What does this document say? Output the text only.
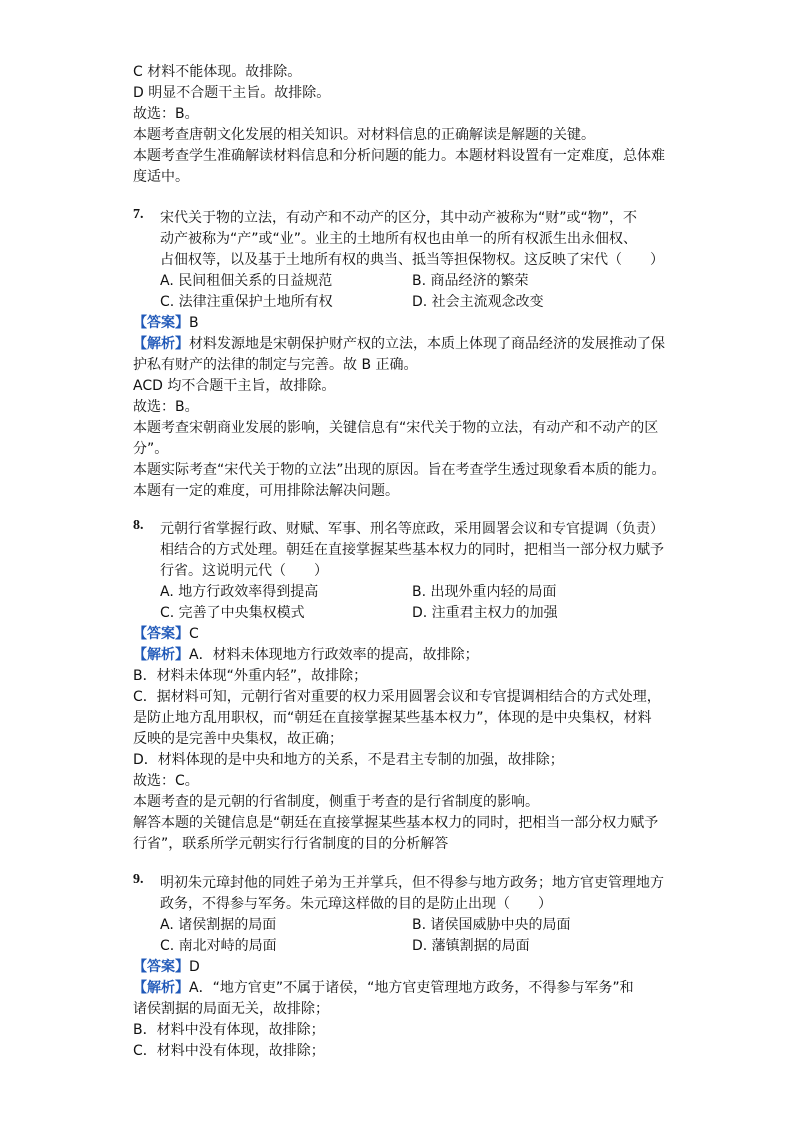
C 材料不能体现。故排除。
D 明显不合题干主旨。故排除。
故选：B。
本题考查唐朝文化发展的相关知识。对材料信息的正确解读是解题的关键。
本题考查学生准确解读材料信息和分析问题的能力。本题材料设置有一定难度，总体难
度适中。
7. 宋代关于物的立法，有动产和不动产的区分，其中动产被称为“财”或“物”，不
动产被称为“产”或“业”。业主的土地所有权也由单一的所有权派生出永佃权、
占佃权等，以及基于土地所有权的典当、抵当等担保物权。这反映了宋代（　　）
A. 民间租佃关系的日益规范	B. 商品经济的繁荣
C. 法律注重保护土地所有权	D. 社会主流观念改变
【答案】B
【解析】材料发源地是宋朝保护财产权的立法，本质上体现了商品经济的发展推动了保
护私有财产的法律的制定与完善。故 B 正确。
ACD 均不合题干主旨，故排除。
故选：B。
本题考查宋朝商业发展的影响，关键信息有“宋代关于物的立法，有动产和不动产的区
分”。
本题实际考查“宋代关于物的立法”出现的原因。旨在考查学生透过现象看本质的能力。
本题有一定的难度，可用排除法解决问题。
8. 元朝行省掌握行政、财赋、军事、刑名等庶政，采用圆署会议和专官提调（负责）
相结合的方式处理。朝廷在直接掌握某些基本权力的同时，把相当一部分权力赋予
行省。这说明元代（　　）
A. 地方行政效率得到提高	B. 出现外重内轻的局面
C. 完善了中央集权模式	D. 注重君主权力的加强
【答案】C
【解析】A．材料未体现地方行政效率的提高，故排除；
B．材料未体现“外重内轻”，故排除；
C．据材料可知，元朝行省对重要的权力采用圆署会议和专官提调相结合的方式处理，
是防止地方乱用职权，而“朝廷在直接掌握某些基本权力”，体现的是中央集权，材料
反映的是完善中央集权，故正确；
D．材料体现的是中央和地方的关系，不是君主专制的加强，故排除；
故选：C。
本题考查的是元朝的行省制度，侧重于考查的是行省制度的影响。
解答本题的关键信息是“朝廷在直接掌握某些基本权力的同时，把相当一部分权力赋予
行省”，联系所学元朝实行行省制度的目的分析解答
9. 明初朱元璋封他的同姓子弟为王并掌兵，但不得参与地方政务；地方官吏管理地方
政务，不得参与军务。朱元璋这样做的目的是防止出现（　　）
A. 诸侯割据的局面	B. 诸侯国威胁中央的局面
C. 南北对峙的局面	D. 藩镇割据的局面
【答案】D
【解析】A．“地方官吏”不属于诸侯，“地方官吏管理地方政务，不得参与军务”和
诸侯割据的局面无关，故排除；
B．材料中没有体现，故排除；
C．材料中没有体现，故排除；
